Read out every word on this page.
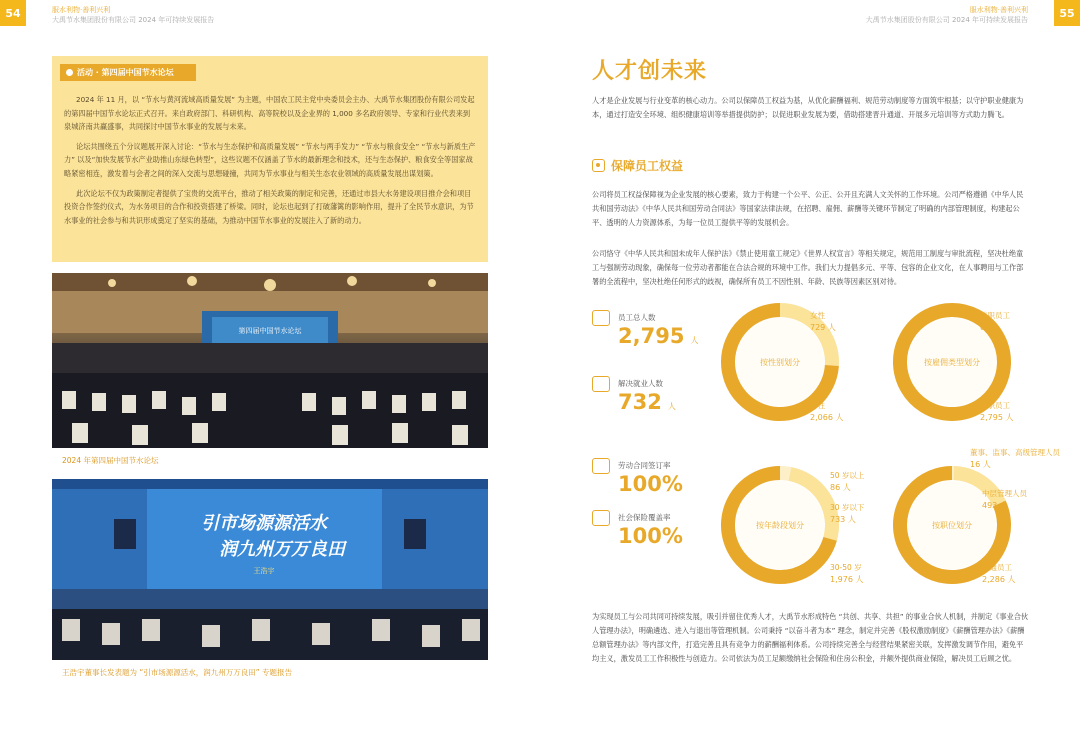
54	服水利物·善利兴利
大禹节水集团股份有限公司 2024 年可持续发展报告
55
服水利物·善利兴利
大禹节水集团股份有限公司 2024 年可持续发展报告
活动 · 第四届中国节水论坛

2024 年 11 月，以 “节水与黄河流域高质量发展” 为主题，中国农工民主党中央委员会主办、大禹节水集团股份有限公司发起的第四届中国节水论坛正式召开。来自政府部门、科研机构、高等院校以及企业界的 1,000 多名政府领导、专家和行业代表来到泉城济南共赢盛事，共同探讨中国节水事业的发展与未来。

论坛共围绕五个分议题展开深入讨论：“节水与生态保护和高质量发展” “节水与两手发力” “节水与粮食安全” “节水与新质生产力” 以及“加快发展节水产业助推山东绿色转型”，这些议题不仅涵盖了节水的最新理念和技术，还与生态保护、粮食安全等国家战略紧密相连，激发着与会者之间的深入交流与思想碰撞，共同为节水事业与相关生态农业领域的高质量发展出谋划策。

此次论坛不仅为政策制定者提供了宝贵的交流平台，推动了相关政策的制定和完善，还通过市县大水务建设项目推介会和项目投资合作签约仪式，为水务项目的合作和投资搭建了桥梁。同时，论坛也起到了打破藩篱的影响作用，提升了全民节水意识，为节水事业的社会参与和共识形成奠定了坚实的基础，为推动中国节水事业的发展注入了新的动力。

第四届中国节水论坛
2024 年第四届中国节水论坛
引市场源源活水
润九州万万良田
王浩宇
王浩宇董事长发表题为 “引市场源源活水，润九州万万良田” 专题报告
人才创未来
人才是企业发展与行业变革的核心动力。公司以保障员工权益为基，从优化薪酬福利、规范劳动制度等方面筑牢根基；以守护职业健康为本，通过打造安全环境、组织健康培训等举措提供防护；以促进职业发展为要，借助搭建晋升通道、开展多元培训等方式助力腾飞。
保障员工权益
公司将员工权益保障视为企业发展的核心要素，致力于构建一个公平、公正、公开且充满人文关怀的工作环境。公司严格遵循《中华人民共和国劳动法》《中华人民共和国劳动合同法》等国家法律法规，在招聘、雇佣、薪酬等关键环节制定了明确的内部管理制度，构建起公平、透明的人力资源体系，为每一位员工提供平等的发展机会。
公司恪守《中华人民共和国未成年人保护法》《禁止使用童工规定》《世界人权宣言》等相关规定，规范用工制度与审批流程，坚决杜绝童工与强制劳动现象，确保每一位劳动者都能在合法合规的环境中工作。我们大力提倡多元、平等、包容的企业文化，在人事聘用与工作部署的全流程中，坚决杜绝任何形式的歧视，确保所有员工不因性别、年龄、民族等因素区别对待。
员工总人数
2,795 人
解决就业人数
732 人
劳动合同签订率
100%
社会保险覆盖率
100%
按性别划分
女性
729 人
男性
2,066 人
按雇佣类型划分
兼职员工
0 人
全职员工
2,795 人
按年龄段划分
50 岁以上
86 人
30 岁以下
733 人
30-50 岁
1,976 人
按职位划分
董事、监事、高级管理人员
16 人
中层管理人员
493 人
普通员工
2,286 人
为实现员工与公司共同可持续发展，吸引并留住优秀人才，大禹节水形成特色 “共创、共享、共担” 的事业合伙人机制，并制定《事业合伙人管理办法》，明确遴选、进入与退出等管理机制。公司秉持 “以奋斗者为本” 理念，制定并完善《股权激励制度》《薪酬管理办法》《薪酬总额管理办法》等内部文件，打造完善且具有竞争力的薪酬福利体系。公司持续完善全与经营结果紧密关联，发挥激发调节作用，避免平均主义，激发员工工作积极性与创造力。公司依法为员工足额缴纳社会保险和住房公积金，并额外提供商业保险，解决员工后顾之忧。
